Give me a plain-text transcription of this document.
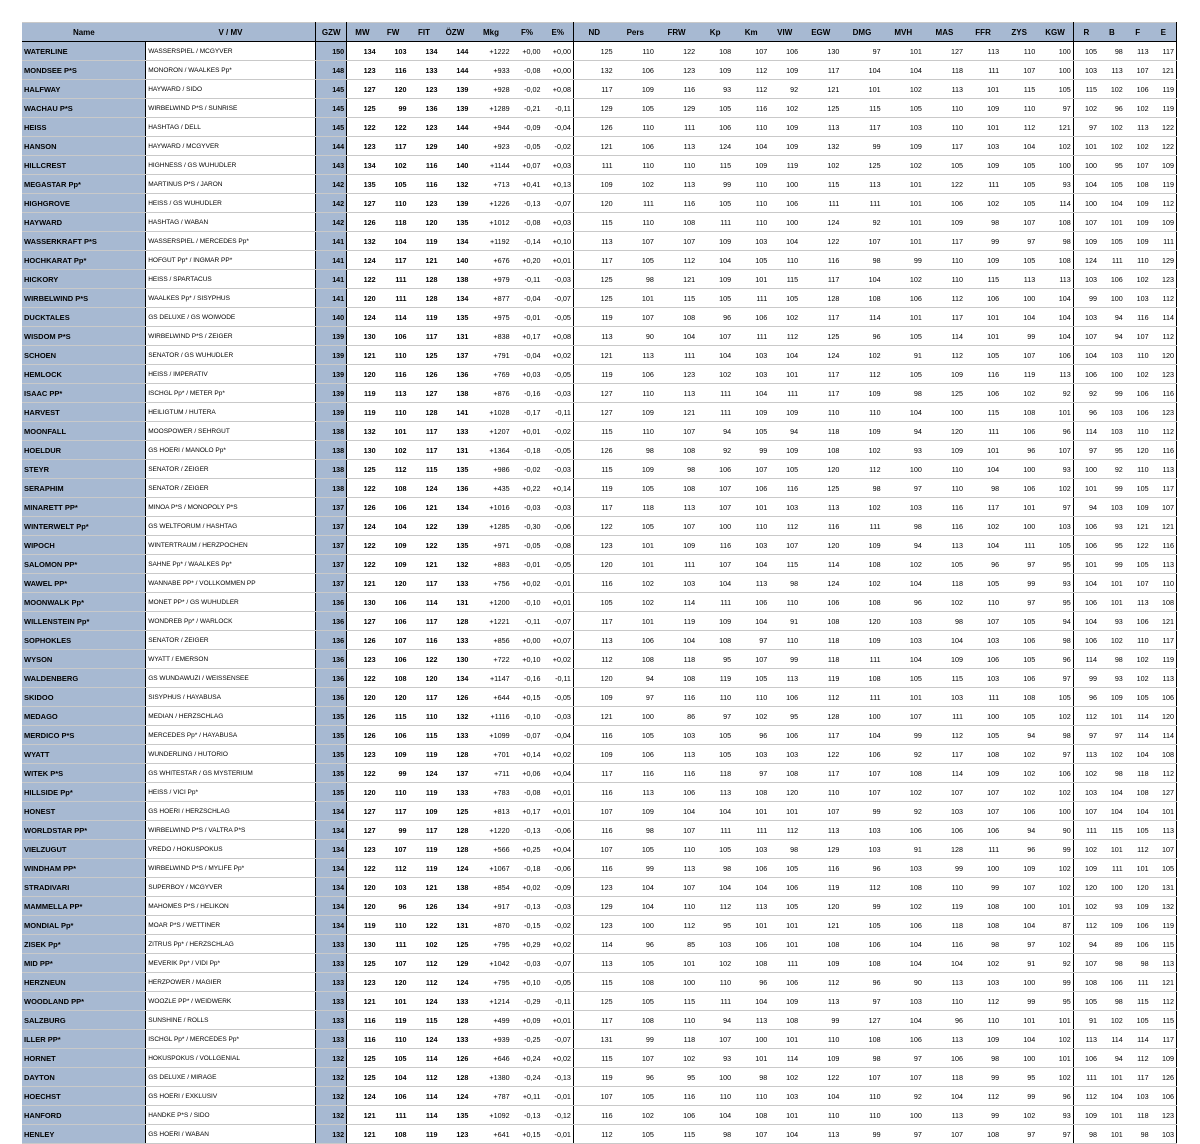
Name	V / MV	GZW	MW	FW	FIT	ÖZW	Mkg	F%	E%	ND	Pers	FRW	Kp	Km	VIW	EGW	DMG	MVH	MAS	FFR	ZYS	KGW	R	B	F	E
WATERLINE	WASSERSPIEL / MCGYVER	150	134	103	134	144	+1222	+0,00	+0,00	125	110	122	108	107	106	130	97	101	127	113	110	100	105	98	113	117
MONDSEE P*S	MONORON / WAALKES Pp*	148	123	116	133	144	+933	-0,08	+0,00	132	106	123	109	112	109	117	104	104	118	111	107	100	103	113	107	121
HALFWAY	HAYWARD / SIDO	145	127	120	123	139	+928	-0,02	+0,08	117	109	116	93	112	92	121	101	102	113	101	115	105	115	102	106	119
WACHAU P*S	WIRBELWIND P*S / SUNRISE	145	125	99	136	139	+1289	-0,21	-0,11	129	105	129	105	116	102	125	115	105	110	109	110	97	102	96	102	119
HEISS	HASHTAG / DELL	145	122	122	123	144	+944	-0,09	-0,04	126	110	111	106	110	109	113	117	103	110	101	112	121	97	102	113	122
HANSON	HAYWARD / MCGYVER	144	123	117	129	140	+923	-0,05	-0,02	121	106	113	124	104	109	132	99	109	117	103	104	102	101	102	102	122
HILLCREST	HIGHNESS / GS WUHUDLER	143	134	102	116	140	+1144	+0,07	+0,03	111	110	110	115	109	119	102	125	102	105	109	105	100	100	95	107	109
MEGASTAR Pp*	MARTINUS P*S / JARON	142	135	105	116	132	+713	+0,41	+0,13	109	102	113	99	110	100	115	113	101	122	111	105	93	104	105	108	119
HIGHGROVE	HEISS / GS WUHUDLER	142	127	110	123	139	+1226	-0,13	-0,07	120	111	116	105	110	106	111	111	101	106	102	105	114	100	104	109	112
HAYWARD	HASHTAG / WABAN	142	126	118	120	135	+1012	-0,08	+0,03	115	110	108	111	110	100	124	92	101	109	98	107	108	107	101	109	109
WASSERKRAFT P*S	WASSERSPIEL / MERCEDES Pp*	141	132	104	119	134	+1192	-0,14	+0,10	113	107	107	109	103	104	122	107	101	117	99	97	98	109	105	109	111
HOCHKARAT Pp*	HOFGUT Pp* / INGMAR PP*	141	124	117	121	140	+676	+0,20	+0,01	117	105	112	104	105	110	116	98	99	110	109	105	108	124	111	110	129
HICKORY	HEISS / SPARTACUS	141	122	111	128	138	+979	-0,11	-0,03	125	98	121	109	101	115	117	104	102	110	115	113	113	103	106	102	123
WIRBELWIND P*S	WAALKES Pp* / SISYPHUS	141	120	111	128	134	+877	-0,04	-0,07	125	101	115	105	111	105	128	108	106	112	106	100	104	99	100	103	112
DUCKTALES	GS DELUXE / GS WOIWODE	140	124	114	119	135	+975	-0,01	-0,05	119	107	108	96	106	102	117	114	101	117	101	104	104	103	94	116	114
WISDOM P*S	WIRBELWIND P*S / ZEIGER	139	130	106	117	131	+838	+0,17	+0,08	113	90	104	107	111	112	125	96	105	114	101	99	104	107	94	107	112
SCHOEN	SENATOR / GS WUHUDLER	139	121	110	125	137	+791	-0,04	+0,02	121	113	111	104	103	104	124	102	91	112	105	107	106	104	103	110	120
HEMLOCK	HEISS / IMPERATIV	139	120	116	126	136	+769	+0,03	-0,05	119	106	123	102	103	101	117	112	105	109	116	119	113	106	100	102	123
ISAAC PP*	ISCHGL Pp* / METER Pp*	139	119	113	127	138	+876	-0,16	-0,03	127	110	113	111	104	111	117	109	98	125	106	102	92	92	99	106	116
HARVEST	HEILIGTUM / HUTERA	139	119	110	128	141	+1028	-0,17	-0,11	127	109	121	111	109	109	110	110	104	100	115	108	101	96	103	106	123
MOONFALL	MOOSPOWER / SEHRGUT	138	132	101	117	133	+1207	+0,01	-0,02	115	110	107	94	105	94	118	109	94	120	111	106	96	114	103	110	112
HOELDUR	GS HOERI / MANOLO Pp*	138	130	102	117	131	+1364	-0,18	-0,05	126	98	108	92	99	109	108	102	93	109	101	96	107	97	95	120	116
STEYR	SENATOR / ZEIGER	138	125	112	115	135	+986	-0,02	-0,03	115	109	98	106	107	105	120	112	100	110	104	100	93	100	92	110	113
SERAPHIM	SENATOR / ZEIGER	138	122	108	124	136	+435	+0,22	+0,14	119	105	108	107	106	116	125	98	97	110	98	106	102	101	99	105	117
MINARETT PP*	MINOA P*S / MONOPOLY P*S	137	126	106	121	134	+1016	-0,03	-0,03	117	118	113	107	101	103	113	102	103	116	117	101	97	94	103	109	107
WINTERWELT Pp*	GS WELTFORUM / HASHTAG	137	124	104	122	139	+1285	-0,30	-0,06	122	105	107	100	110	112	116	111	98	116	102	100	103	106	93	121	121
WIPOCH	WINTERTRAUM / HERZPOCHEN	137	122	109	122	135	+971	-0,05	-0,08	123	101	109	116	103	107	120	109	94	113	104	111	105	106	95	122	116
SALOMON PP*	SAHNE Pp* / WAALKES Pp*	137	122	109	121	132	+883	-0,01	-0,05	120	101	111	107	104	115	114	108	102	105	96	97	95	101	99	105	113
WAWEL PP*	WANNABE PP* / VOLLKOMMEN PP	137	121	120	117	133	+756	+0,02	-0,01	116	102	103	104	113	98	124	102	104	118	105	99	93	104	101	107	110
MOONWALK Pp*	MONET PP* / GS WUHUDLER	136	130	106	114	131	+1200	-0,10	+0,01	105	102	114	111	106	110	106	108	96	102	110	97	95	106	101	113	108
WILLENSTEIN Pp*	WONDREB Pp* / WARLOCK	136	127	106	117	128	+1221	-0,11	-0,07	117	101	119	109	104	91	108	120	103	98	107	105	94	104	93	106	121
SOPHOKLES	SENATOR / ZEIGER	136	126	107	116	133	+856	+0,00	+0,07	113	106	104	108	97	110	118	109	103	104	103	106	98	106	102	110	117
WYSON	WYATT / EMERSON	136	123	106	122	130	+722	+0,10	+0,02	112	108	118	95	107	99	118	111	104	109	106	105	96	114	98	102	119
WALDENBERG	GS WUNDAWUZI / WEISSENSEE	136	122	108	120	134	+1147	-0,16	-0,11	120	94	108	119	105	113	119	108	105	115	103	106	97	99	93	102	113
SKIDOO	SISYPHUS / HAYABUSA	136	120	120	117	126	+644	+0,15	-0,05	109	97	116	110	110	106	112	111	101	103	111	108	105	96	109	105	106
MEDAGO	MEDIAN / HERZSCHLAG	135	126	115	110	132	+1116	-0,10	-0,03	121	100	86	97	102	95	128	100	107	111	100	105	102	112	101	114	120
MERDICO P*S	MERCEDES Pp* / HAYABUSA	135	126	106	115	133	+1099	-0,07	-0,04	116	105	103	105	96	106	117	104	99	112	105	94	98	97	97	114	114
WYATT	WUNDERLING / HUTORIO	135	123	109	119	128	+701	+0,14	+0,02	109	106	113	105	103	103	122	106	92	117	108	102	97	113	102	104	108
WITEK P*S	GS WHITESTAR / GS MYSTERIUM	135	122	99	124	137	+711	+0,06	+0,04	117	116	116	118	97	108	117	107	108	114	109	102	106	102	98	118	112
HILLSIDE Pp*	HEISS / VICI Pp*	135	120	110	119	133	+783	-0,08	+0,01	116	113	106	113	108	120	110	107	102	107	107	102	102	103	104	108	127
HONEST	GS HOERI / HERZSCHLAG	134	127	117	109	125	+813	+0,17	+0,01	107	109	104	104	101	101	107	99	92	103	107	106	100	107	104	104	101
WORLDSTAR PP*	WIRBELWIND P*S / VALTRA P*S	134	127	99	117	128	+1220	-0,13	-0,06	116	98	107	111	111	112	113	103	106	106	106	94	90	111	115	105	113
VIELZUGUT	VREDO / HOKUSPOKUS	134	123	107	119	128	+566	+0,25	+0,04	107	105	110	105	103	98	129	103	91	128	111	96	99	102	101	112	107
WINDHAM PP*	WIRBELWIND P*S / MYLIFE Pp*	134	122	112	119	124	+1067	-0,18	-0,06	116	99	113	98	106	105	116	96	103	99	100	109	102	109	111	101	105
STRADIVARI	SUPERBOY / MCGYVER	134	120	103	121	138	+854	+0,02	-0,09	123	104	107	104	104	106	119	112	108	110	99	107	102	120	100	120	131
MAMMELLA PP*	MAHOMES P*S / HELIKON	134	120	96	126	134	+917	-0,13	-0,03	129	104	110	112	113	105	120	99	102	119	108	100	101	102	93	109	132
MONDIAL Pp*	MOAR P*S / WETTINER	134	119	110	122	131	+870	-0,15	-0,02	123	100	112	95	101	101	121	105	106	118	108	104	87	112	109	106	119
ZISEK Pp*	ZITRUS Pp* / HERZSCHLAG	133	130	111	102	125	+795	+0,29	+0,02	114	96	85	103	106	101	108	106	104	116	98	97	102	94	89	106	115
MID PP*	MEVERIK Pp* / VIDI Pp*	133	125	107	112	129	+1042	-0,03	-0,07	113	105	101	102	108	111	109	108	104	104	102	91	92	107	98	98	113
HERZNEUN	HERZPOWER / MAGIER	133	123	120	112	124	+795	+0,10	-0,05	115	108	100	110	96	106	112	96	90	113	103	100	99	108	106	111	121
WOODLAND PP*	WOOZLE PP* / WEIDWERK	133	121	101	124	133	+1214	-0,29	-0,11	125	105	115	111	104	109	113	97	103	110	112	99	95	105	98	115	112
SALZBURG	SUNSHINE / ROLLS	133	116	119	115	128	+499	+0,09	+0,01	117	108	110	94	113	108	99	127	104	96	110	101	101	91	102	105	115
ILLER PP*	ISCHGL Pp* / MERCEDES Pp*	133	116	110	124	133	+939	-0,25	-0,07	131	99	118	107	100	101	110	108	106	113	109	104	102	113	114	114	117
HORNET	HOKUSPOKUS / VOLLGENIAL	132	125	105	114	126	+646	+0,24	+0,02	115	107	102	93	101	114	109	98	97	106	98	100	101	106	94	112	109
DAYTON	GS DELUXE / MIRAGE	132	125	104	112	128	+1380	-0,24	-0,13	119	96	95	100	98	102	122	107	107	118	99	95	102	111	101	117	126
HOECHST	GS HOERI / EXKLUSIV	132	124	106	114	124	+787	+0,11	-0,01	107	105	116	110	110	103	104	110	92	104	112	99	96	112	104	103	106
HANFORD	HANDKE P*S / SIDO	132	121	111	114	135	+1092	-0,13	-0,12	116	102	106	104	108	101	110	110	100	113	99	102	93	109	101	118	123
HENLEY	GS HOERI / WABAN	132	121	108	119	123	+641	+0,15	-0,01	112	105	115	98	107	104	113	99	97	107	108	97	97	98	101	98	103
